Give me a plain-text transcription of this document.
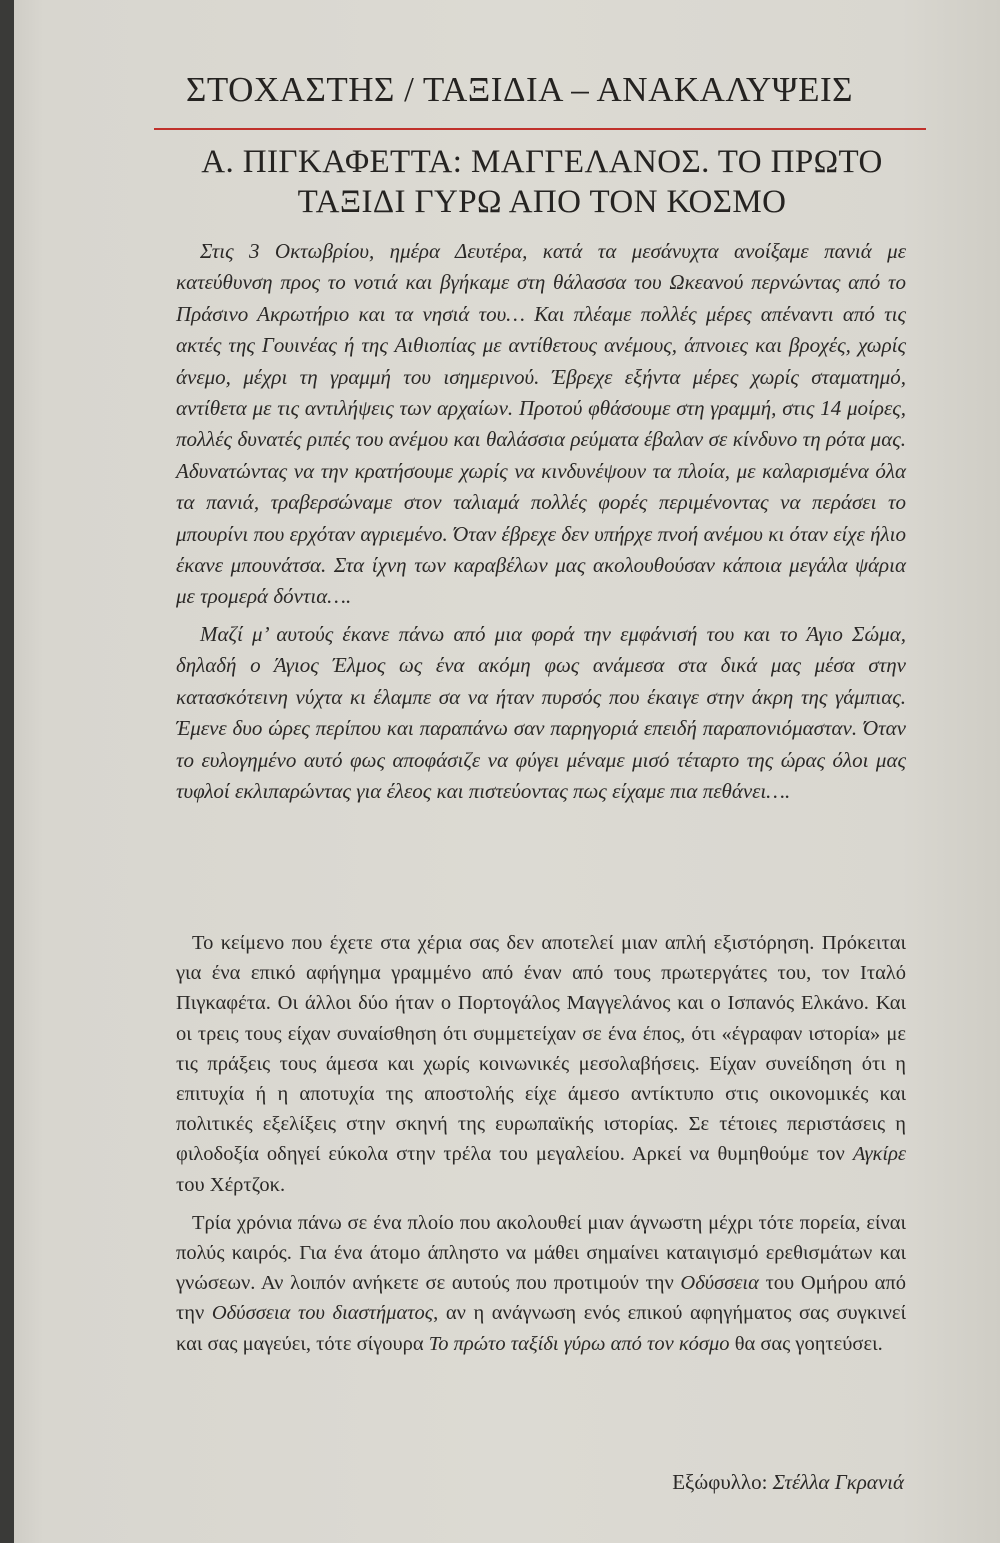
ΣΤΟΧΑΣΤΗΣ / ΤΑΞΙΔΙΑ – ΑΝΑΚΑΛΥΨΕΙΣ
Α. ΠΙΓΚΑΦΕΤΤΑ: ΜΑΓΓΕΛΑΝΟΣ. ΤΟ ΠΡΩΤΟ
ΤΑΞΙΔΙ ΓΥΡΩ ΑΠΟ ΤΟΝ ΚΟΣΜΟ

Στις 3 Οκτωβρίου, ημέρα Δευτέρα, κατά τα μεσάνυχτα ανοίξαμε πανιά με κατεύθυνση προς το νοτιά και βγήκαμε στη θάλασσα του Ωκεανού περνώντας από το Πράσινο Ακρωτήριο και τα νησιά του… Και πλέαμε πολλές μέρες απέναντι από τις ακτές της Γουινέας ή της Αιθιοπίας με αντίθετους ανέμους, άπνοιες και βροχές, χωρίς άνεμο, μέχρι τη γραμμή του ισημερινού. Έβρεχε εξήντα μέρες χωρίς σταματημό, αντίθετα με τις αντιλήψεις των αρχαίων. Προτού φθάσουμε στη γραμμή, στις 14 μοίρες, πολλές δυνατές ριπές του ανέμου και θαλάσσια ρεύματα έβαλαν σε κίνδυνο τη ρότα μας. Αδυνατώντας να την κρατήσουμε χωρίς να κινδυνέψουν τα πλοία, με καλαρισμένα όλα τα πανιά, τραβερσώναμε στον ταλιαμά πολλές φορές περιμένοντας να περάσει το μπουρίνι που ερχόταν αγριεμένο. Όταν έβρεχε δεν υπήρχε πνοή ανέμου κι όταν είχε ήλιο έκανε μπουνάτσα. Στα ίχνη των καραβέλων μας ακολουθούσαν κάποια μεγάλα ψάρια με τρομερά δόντια….

Μαζί μ’ αυτούς έκανε πάνω από μια φορά την εμφάνισή του και το Άγιο Σώμα, δηλαδή ο Άγιος Έλμος ως ένα ακόμη φως ανάμεσα στα δικά μας μέσα στην κατασκότεινη νύχτα κι έλαμπε σα να ήταν πυρσός που έκαιγε στην άκρη της γάμπιας. Έμενε δυο ώρες περίπου και παραπάνω σαν παρηγοριά επειδή παραπονιόμασταν. Όταν το ευλογημένο αυτό φως αποφάσιζε να φύγει μέναμε μισό τέταρτο της ώρας όλοι μας τυφλοί εκλιπαρώντας για έλεος και πιστεύοντας πως είχαμε πια πεθάνει….

Το κείμενο που έχετε στα χέρια σας δεν αποτελεί μιαν απλή εξιστόρηση. Πρόκειται για ένα επικό αφήγημα γραμμένο από έναν από τους πρωτεργάτες του, τον Ιταλό Πιγκαφέτα. Οι άλλοι δύο ήταν ο Πορτογάλος Μαγγελάνος και ο Ισπανός Ελκάνο. Και οι τρεις τους είχαν συναίσθηση ότι συμμετείχαν σε ένα έπος, ότι «έγραφαν ιστορία» με τις πράξεις τους άμεσα και χωρίς κοινωνικές μεσολαβήσεις. Είχαν συνείδηση ότι η επιτυχία ή η αποτυχία της αποστολής είχε άμεσο αντίκτυπο στις οικονομικές και πολιτικές εξελίξεις στην σκηνή της ευρωπαϊκής ιστορίας. Σε τέτοιες περιστάσεις η φιλοδοξία οδηγεί εύκολα στην τρέλα του μεγαλείου. Αρκεί να θυμηθούμε τον Αγκίρε του Χέρτζοκ.

Τρία χρόνια πάνω σε ένα πλοίο που ακολουθεί μιαν άγνωστη μέχρι τότε πορεία, είναι πολύς καιρός. Για ένα άτομο άπληστο να μάθει σημαίνει καταιγισμό ερεθισμάτων και γνώσεων. Αν λοιπόν ανήκετε σε αυτούς που προτιμούν την Οδύσσεια του Ομήρου από την Οδύσσεια του διαστήματος, αν η ανάγνωση ενός επικού αφηγήματος σας συγκινεί και σας μαγεύει, τότε σίγουρα Το πρώτο ταξίδι γύρω από τον κόσμο θα σας γοητεύσει.

Εξώφυλλο: Στέλλα Γκρανιά
